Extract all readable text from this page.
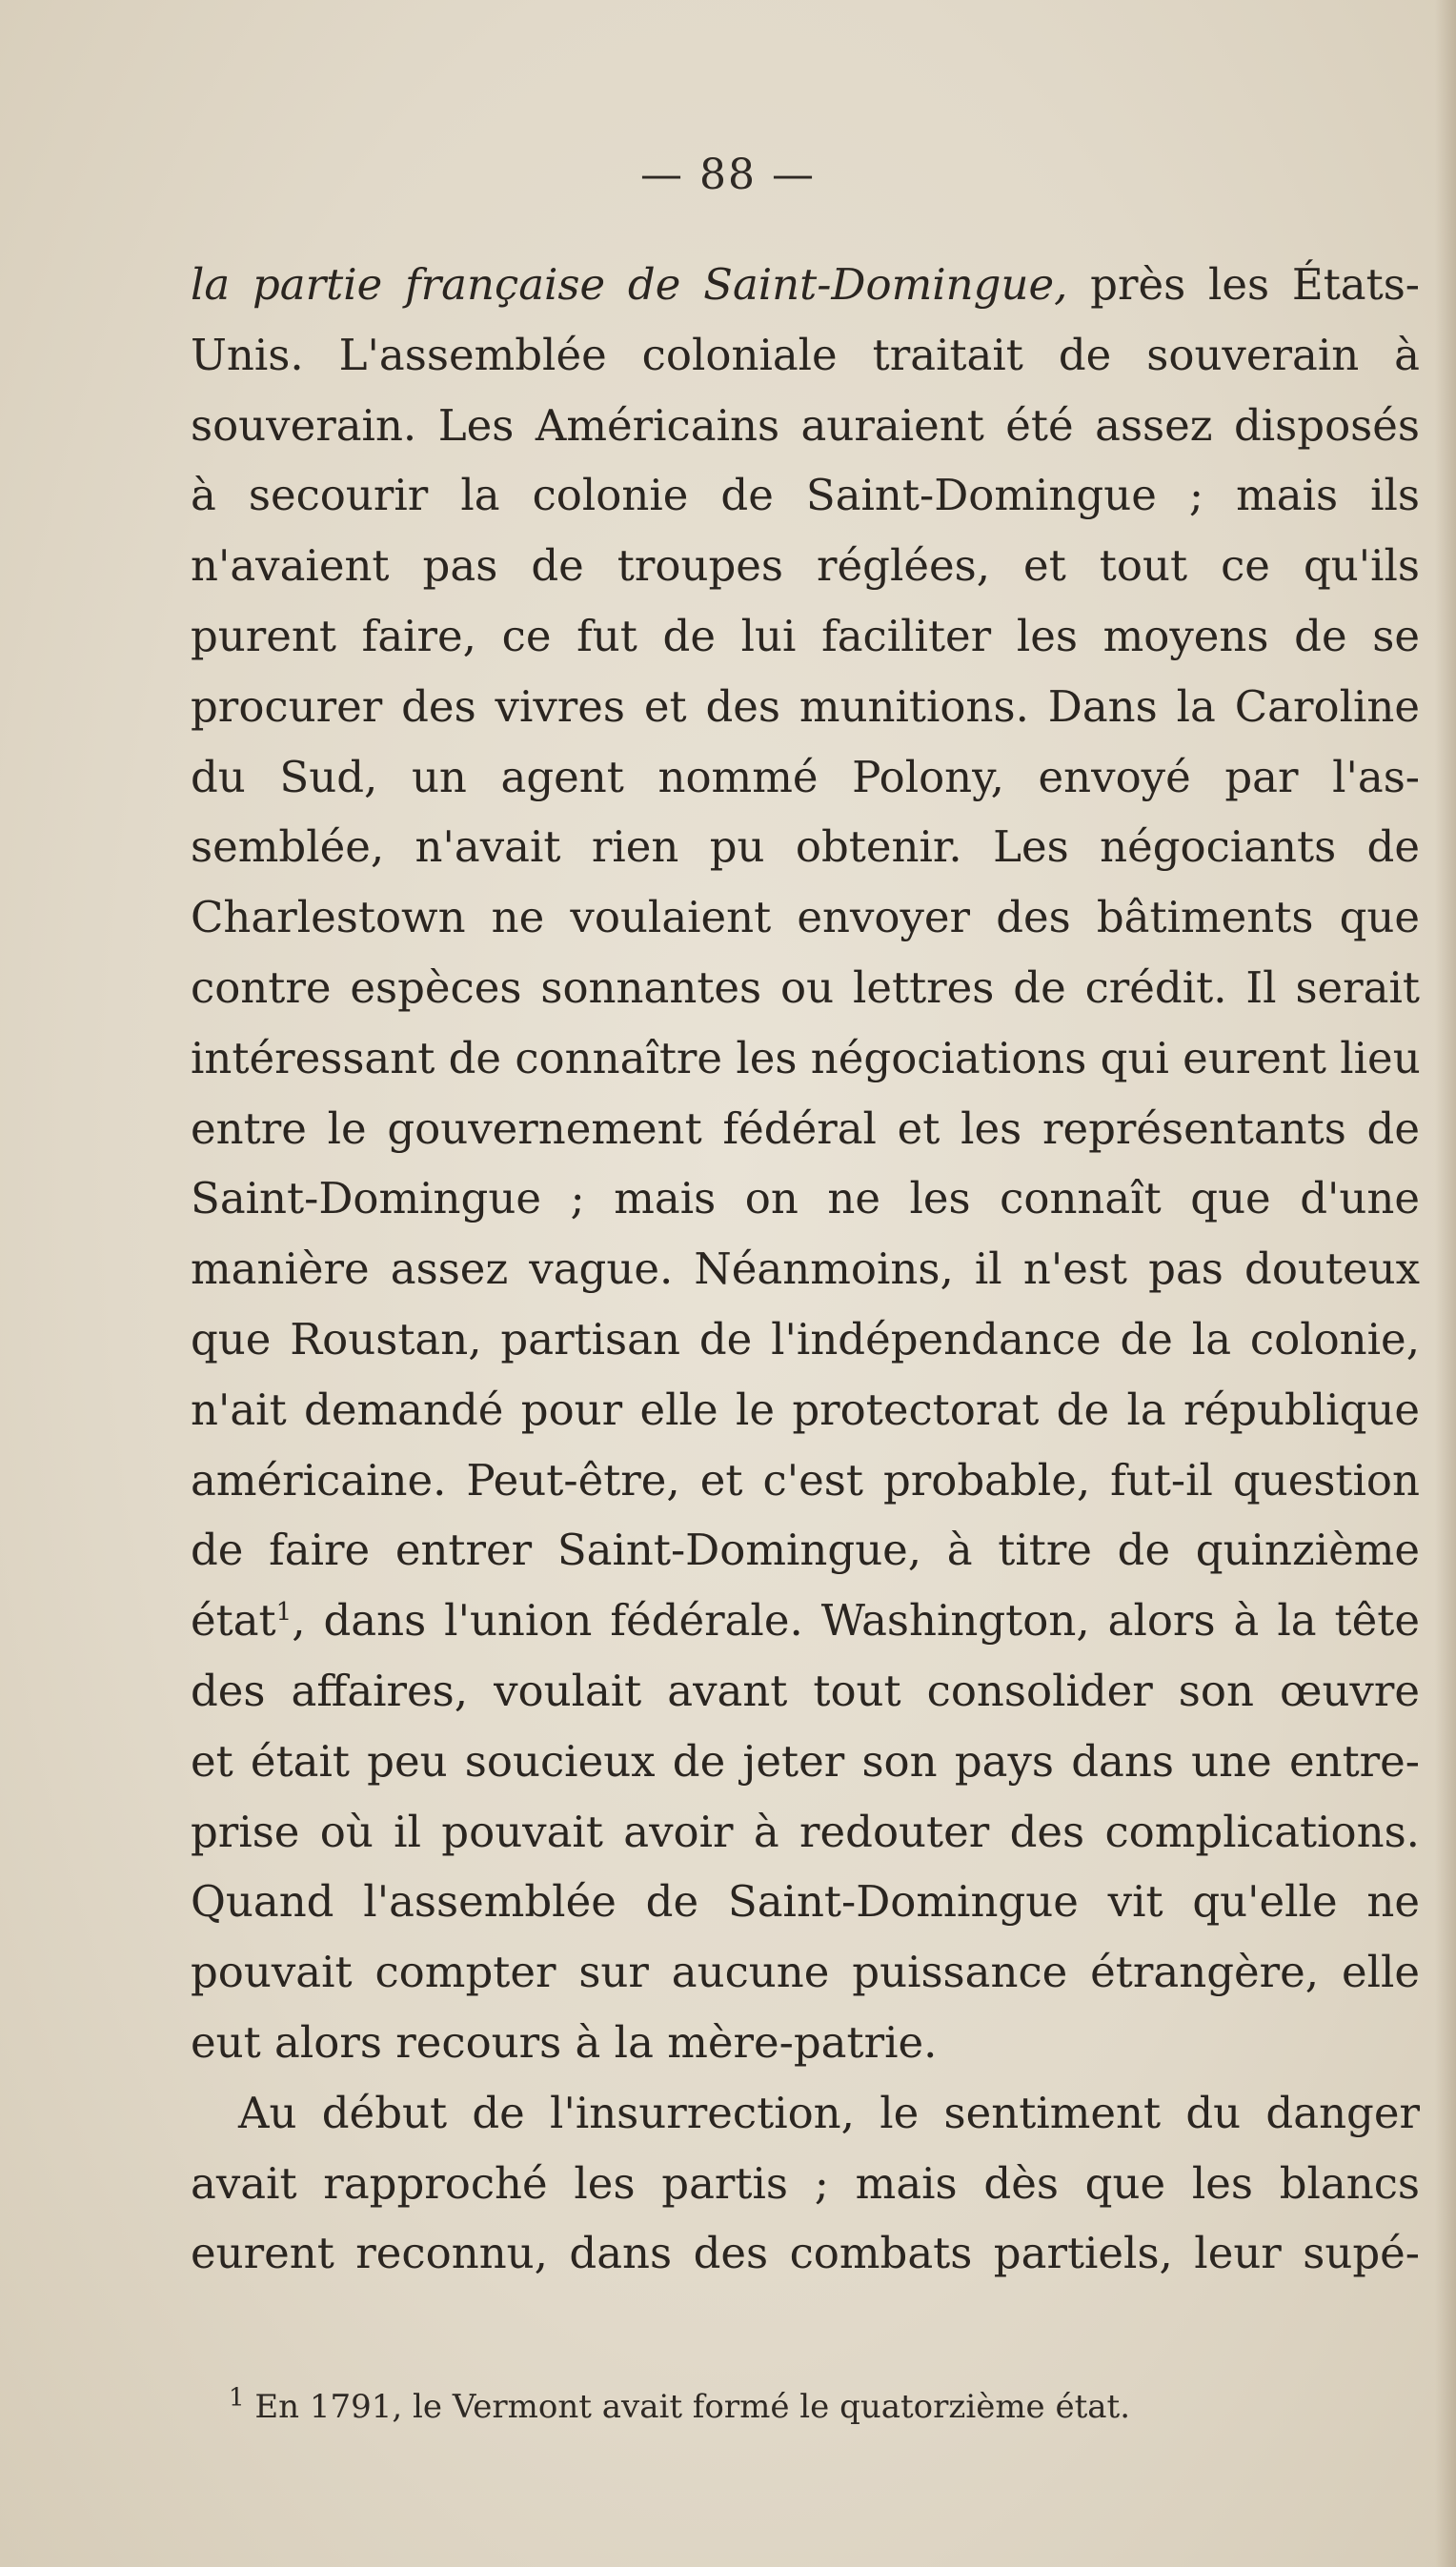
— 88 —
la partie française de Saint-Domingue, près les États-
Unis. L'assemblée coloniale traitait de souverain à
souverain. Les Américains auraient été assez disposés
à secourir la colonie de Saint-Domingue ; mais ils
n'avaient pas de troupes réglées, et tout ce qu'ils
purent faire, ce fut de lui faciliter les moyens de se
procurer des vivres et des munitions. Dans la Caroline
du Sud, un agent nommé Polony, envoyé par l'as-
semblée, n'avait rien pu obtenir. Les négociants de
Charlestown ne voulaient envoyer des bâtiments que
contre espèces sonnantes ou lettres de crédit. Il serait
intéressant de connaître les négociations qui eurent lieu
entre le gouvernement fédéral et les représentants de
Saint-Domingue ; mais on ne les connaît que d'une
manière assez vague. Néanmoins, il n'est pas douteux
que Roustan, partisan de l'indépendance de la colonie,
n'ait demandé pour elle le protectorat de la république
américaine. Peut-être, et c'est probable, fut-il question
de faire entrer Saint-Domingue, à titre de quinzième
état$^1$, dans l'union fédérale. Washington, alors à la tête
des affaires, voulait avant tout consolider son œuvre
et était peu soucieux de jeter son pays dans une entre-
prise où il pouvait avoir à redouter des complications.
Quand l'assemblée de Saint-Domingue vit qu'elle ne
pouvait compter sur aucune puissance étrangère, elle
eut alors recours à la mère-patrie.
Au début de l'insurrection, le sentiment du danger
avait rapproché les partis ; mais dès que les blancs
eurent reconnu, dans des combats partiels, leur supé-
$^1$ En 1791, le Vermont avait formé le quatorzième état.
